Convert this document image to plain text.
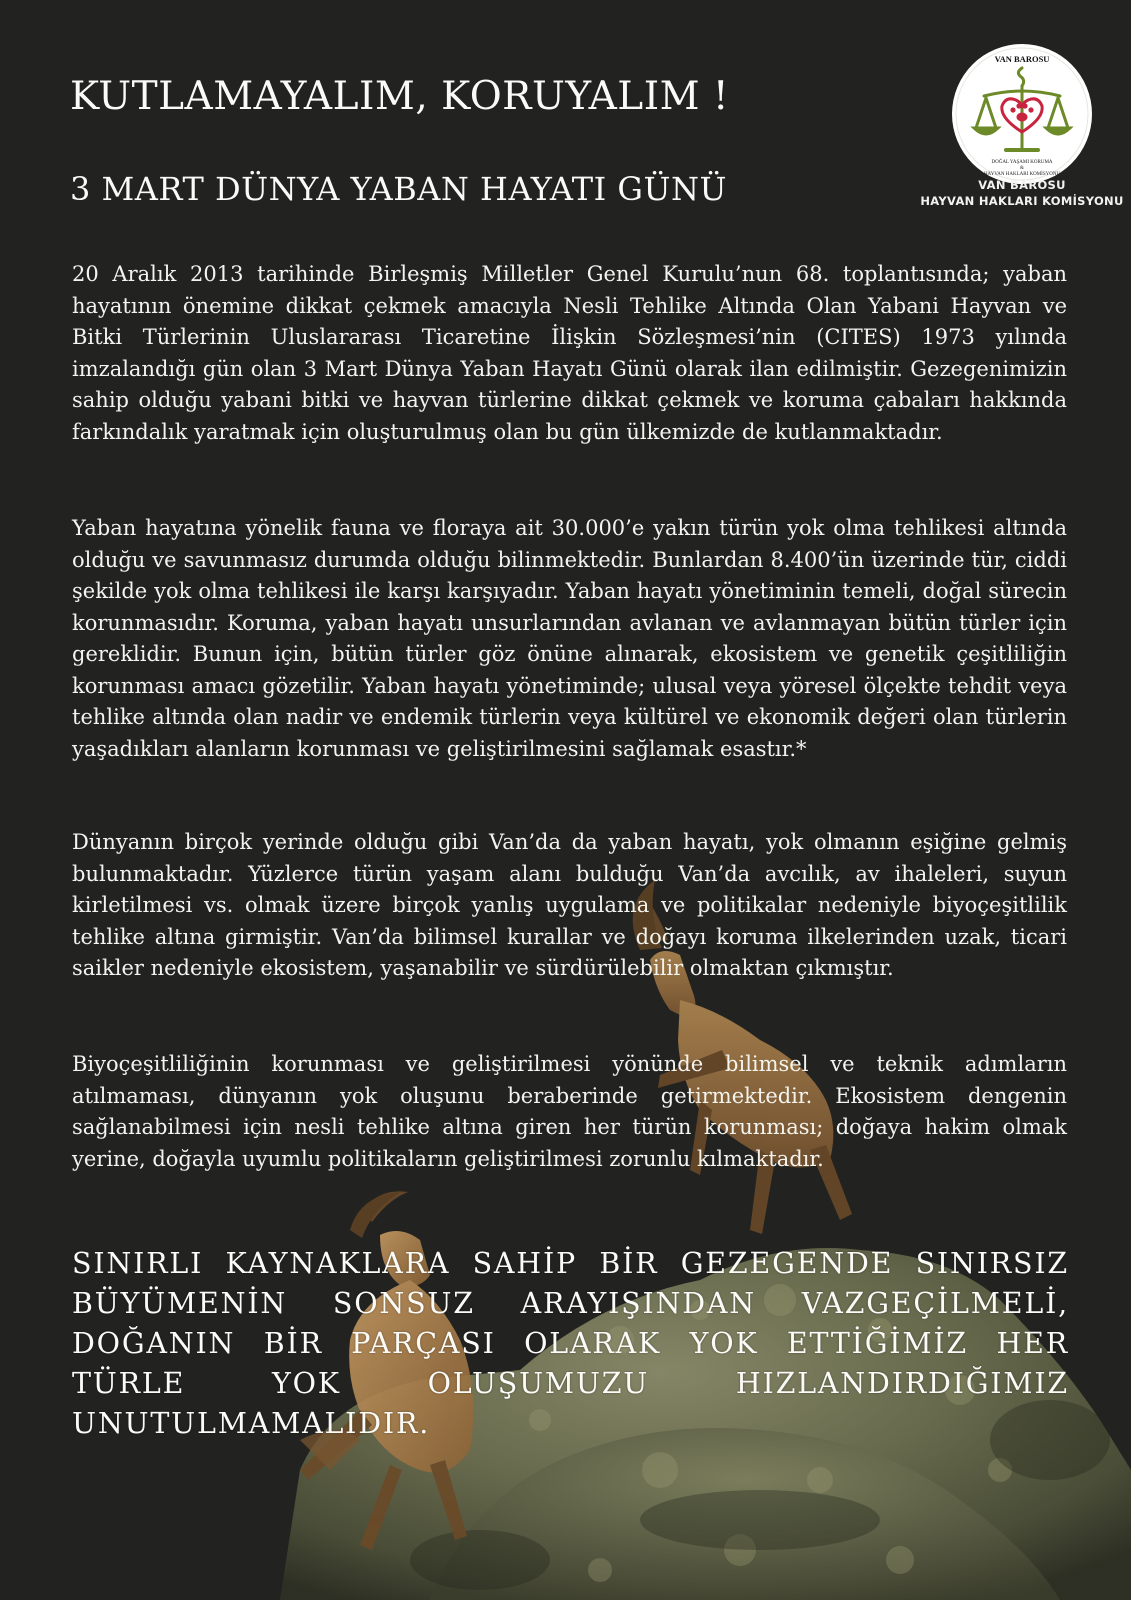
KUTLAMAYALIM, KORUYALIM !
3 MART DÜNYA YABAN HAYATI GÜNÜ
VAN BAROSU
DOĞAL YAŞAMI KORUMA
&
HAYVAN HAKLARI KOMİSYONU
VAN BAROSU
HAYVAN HAKLARI KOMİSYONU

20 Aralık 2013 tarihinde Birleşmiş Milletler Genel Kurulu’nun 68. toplantısında; yaban hayatının önemine dikkat çekmek amacıyla Nesli Tehlike Altında Olan Yabani Hayvan ve Bitki Türlerinin Uluslararası Ticaretine İlişkin Sözleşmesi’nin (CITES) 1973 yılında imzalandığı gün olan 3 Mart Dünya Yaban Hayatı Günü olarak ilan edilmiştir. Gezegenimizin sahip olduğu yabani bitki ve hayvan türlerine dikkat çekmek ve koruma çabaları hakkında farkındalık yaratmak için oluşturulmuş olan bu gün ülkemizde de kutlanmaktadır.

Yaban hayatına yönelik fauna ve floraya ait 30.000’e yakın türün yok olma tehlikesi altında olduğu ve savunmasız durumda olduğu bilinmektedir. Bunlardan 8.400’ün üzerinde tür, ciddi şekilde yok olma tehlikesi ile karşı karşıyadır. Yaban hayatı yönetiminin temeli, doğal sürecin korunmasıdır. Koruma, yaban hayatı unsurlarından avlanan ve avlanmayan bütün türler için gereklidir. Bunun için, bütün türler göz önüne alınarak, ekosistem ve genetik çeşitliliğin korunması amacı gözetilir. Yaban hayatı yönetiminde; ulusal veya yöresel ölçekte tehdit veya tehlike altında olan nadir ve endemik türlerin veya kültürel ve ekonomik değeri olan türlerin yaşadıkları alanların korunması ve geliştirilmesini sağlamak esastır.*

Dünyanın birçok yerinde olduğu gibi Van’da da yaban hayatı, yok olmanın eşiğine gelmiş bulunmaktadır. Yüzlerce türün yaşam alanı bulduğu Van’da avcılık, av ihaleleri, suyun kirletilmesi vs. olmak üzere birçok yanlış uygulama ve politikalar nedeniyle biyoçeşitlilik tehlike altına girmiştir. Van’da bilimsel kurallar ve doğayı koruma ilkelerinden uzak, ticari saikler nedeniyle ekosistem, yaşanabilir ve sürdürülebilir olmaktan çıkmıştır.

Biyoçeşitliliğinin korunması ve geliştirilmesi yönünde bilimsel ve teknik adımların atılmaması, dünyanın yok oluşunu beraberinde getirmektedir. Ekosistem dengenin sağlanabilmesi için nesli tehlike altına giren her türün korunması; doğaya hakim olmak yerine, doğayla uyumlu politikaların geliştirilmesi zorunlu kılmaktadır.

SINIRLI KAYNAKLARA SAHİP BİR GEZEGENDE SINIRSIZ BÜYÜMENİN SONSUZ ARAYIŞINDAN VAZGEÇİLMELİ, DOĞANIN BİR PARÇASI OLARAK YOK ETTİĞİMİZ HER TÜRLE YOK OLUŞUMUZU HIZLANDIRDIĞIMIZ UNUTULMAMALIDIR.
